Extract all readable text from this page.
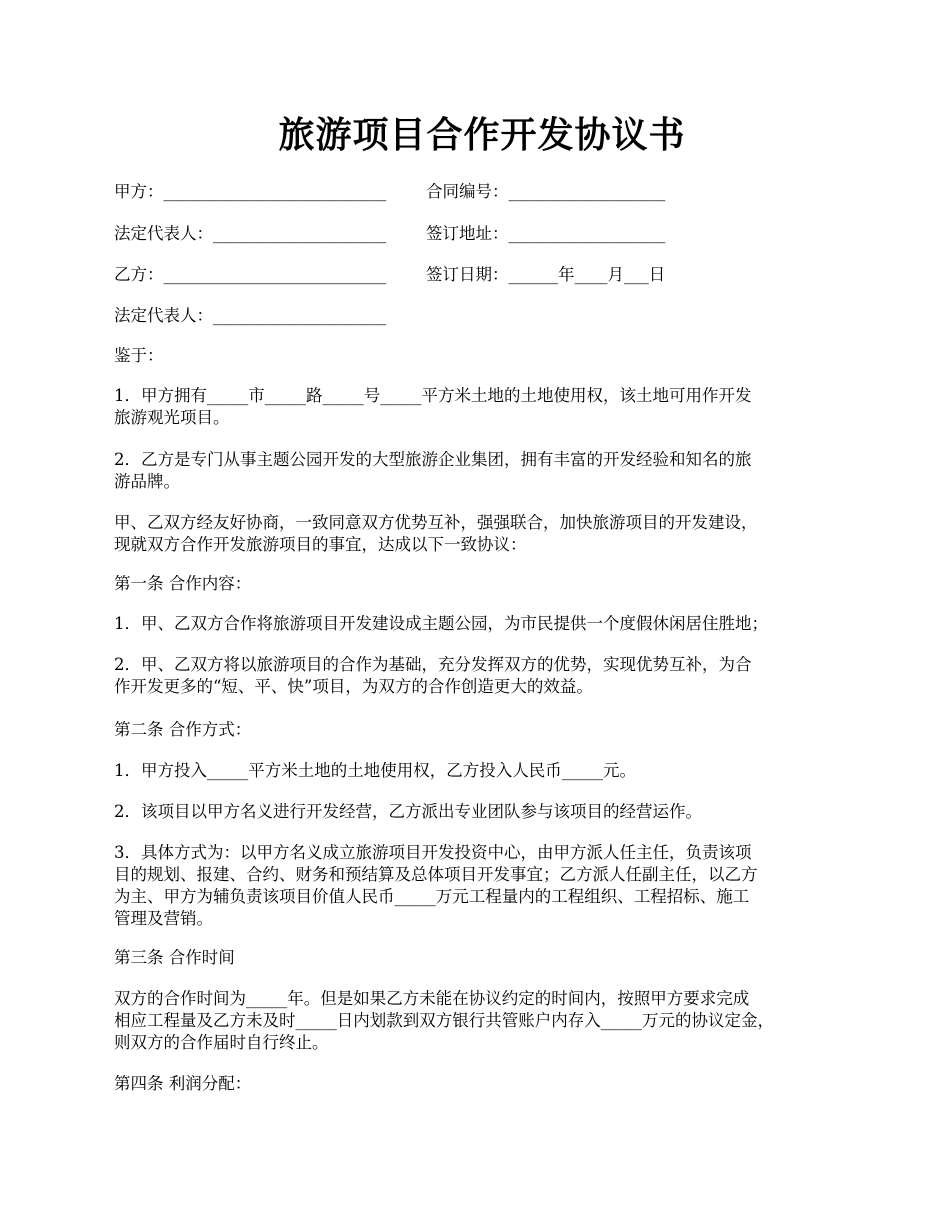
旅游项目合作开发协议书
甲方：___________________________ 合同编号：___________________
法定代表人：_____________________ 签订地址：___________________
乙方：___________________________ 签订日期：______年____月___日
法定代表人：_____________________
鉴于：
1．甲方拥有_____市_____路_____号_____平方米土地的土地使用权，该土地可用作开发
旅游观光项目。
2．乙方是专门从事主题公园开发的大型旅游企业集团，拥有丰富的开发经验和知名的旅
游品牌。
甲、乙双方经友好协商，一致同意双方优势互补，强强联合，加快旅游项目的开发建设，
现就双方合作开发旅游项目的事宜，达成以下一致协议：
第一条 合作内容：
1．甲、乙双方合作将旅游项目开发建设成主题公园，为市民提供一个度假休闲居住胜地；
2．甲、乙双方将以旅游项目的合作为基础，充分发挥双方的优势，实现优势互补，为合
作开发更多的“短、平、快”项目，为双方的合作创造更大的效益。
第二条 合作方式：
1．甲方投入_____平方米土地的土地使用权，乙方投入人民币_____元。
2．该项目以甲方名义进行开发经营，乙方派出专业团队参与该项目的经营运作。
3．具体方式为：以甲方名义成立旅游项目开发投资中心，由甲方派人任主任，负责该项
目的规划、报建、合约、财务和预结算及总体项目开发事宜；乙方派人任副主任，以乙方
为主、甲方为辅负责该项目价值人民币_____万元工程量内的工程组织、工程招标、施工
管理及营销。
第三条 合作时间
双方的合作时间为_____年。但是如果乙方未能在协议约定的时间内，按照甲方要求完成
相应工程量及乙方未及时_____日内划款到双方银行共管账户内存入_____万元的协议定金，
则双方的合作届时自行终止。
第四条 利润分配：
